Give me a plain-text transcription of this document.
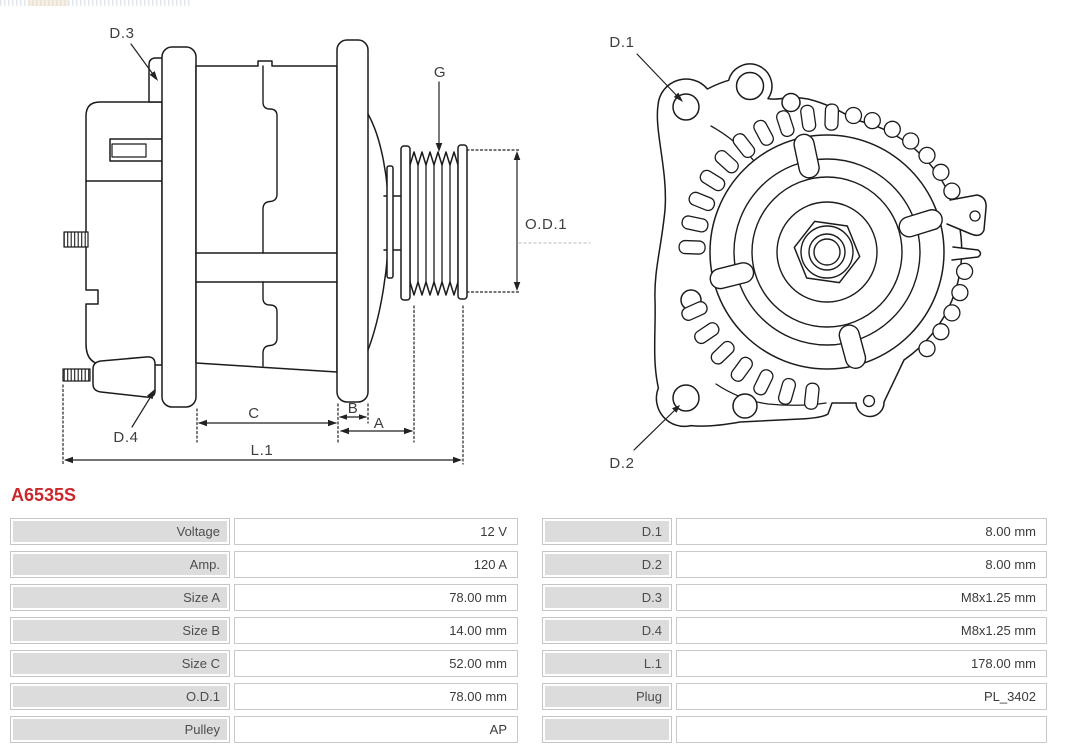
D.3
D.4
G
O.D.1
C	B
A
L.1
D.1
D.2
A6535S
Voltage	12 V	D.1	8.00 mm
Amp.	120 A	D.2	8.00 mm
Size A	78.00 mm	D.3	M8x1.25 mm
Size B	14.00 mm	D.4	M8x1.25 mm
Size C	52.00 mm	L.1	178.00 mm
O.D.1	78.00 mm	Plug	PL_3402
Pulley	AP
